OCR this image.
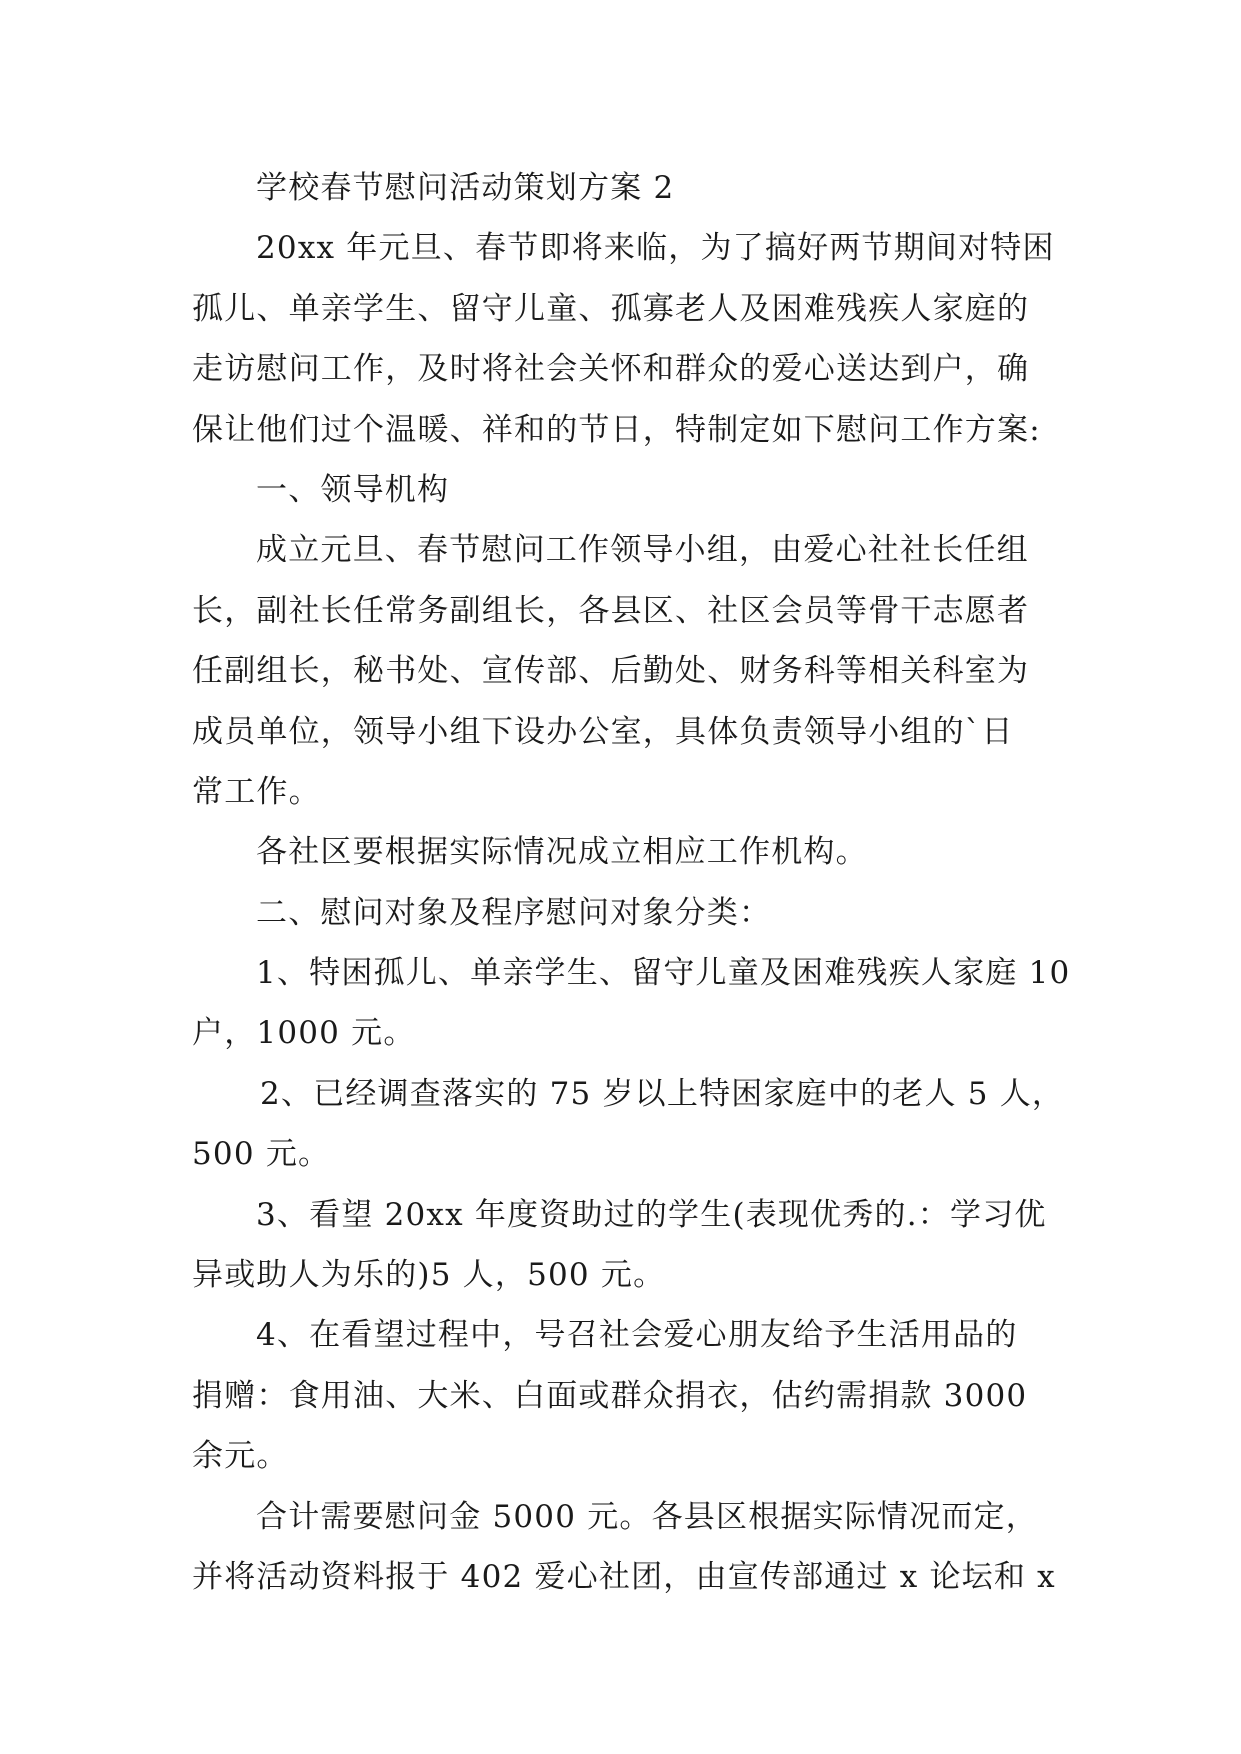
学校春节慰问活动策划方案 2
20xx 年元旦、春节即将来临，为了搞好两节期间对特困
孤儿、单亲学生、留守儿童、孤寡老人及困难残疾人家庭的
走访慰问工作，及时将社会关怀和群众的爱心送达到户，确
保让他们过个温暖、祥和的节日，特制定如下慰问工作方案:
一、领导机构
成立元旦、春节慰问工作领导小组，由爱心社社长任组
长，副社长任常务副组长，各县区、社区会员等骨干志愿者
任副组长，秘书处、宣传部、后勤处、财务科等相关科室为
成员单位，领导小组下设办公室，具体负责领导小组的`日
常工作。
各社区要根据实际情况成立相应工作机构。
二、慰问对象及程序慰问对象分类：
1、特困孤儿、单亲学生、留守儿童及困难残疾人家庭 10
户，1000 元。
2、已经调查落实的 75 岁以上特困家庭中的老人 5 人，
500 元。
3、看望 20xx 年度资助过的学生(表现优秀的.：学习优
异或助人为乐的)5 人，500 元。
4、在看望过程中，号召社会爱心朋友给予生活用品的
捐赠：食用油、大米、白面或群众捐衣，估约需捐款 3000
余元。
合计需要慰问金 5000 元。各县区根据实际情况而定，
并将活动资料报于 402 爱心社团，由宣传部通过 x 论坛和 x
